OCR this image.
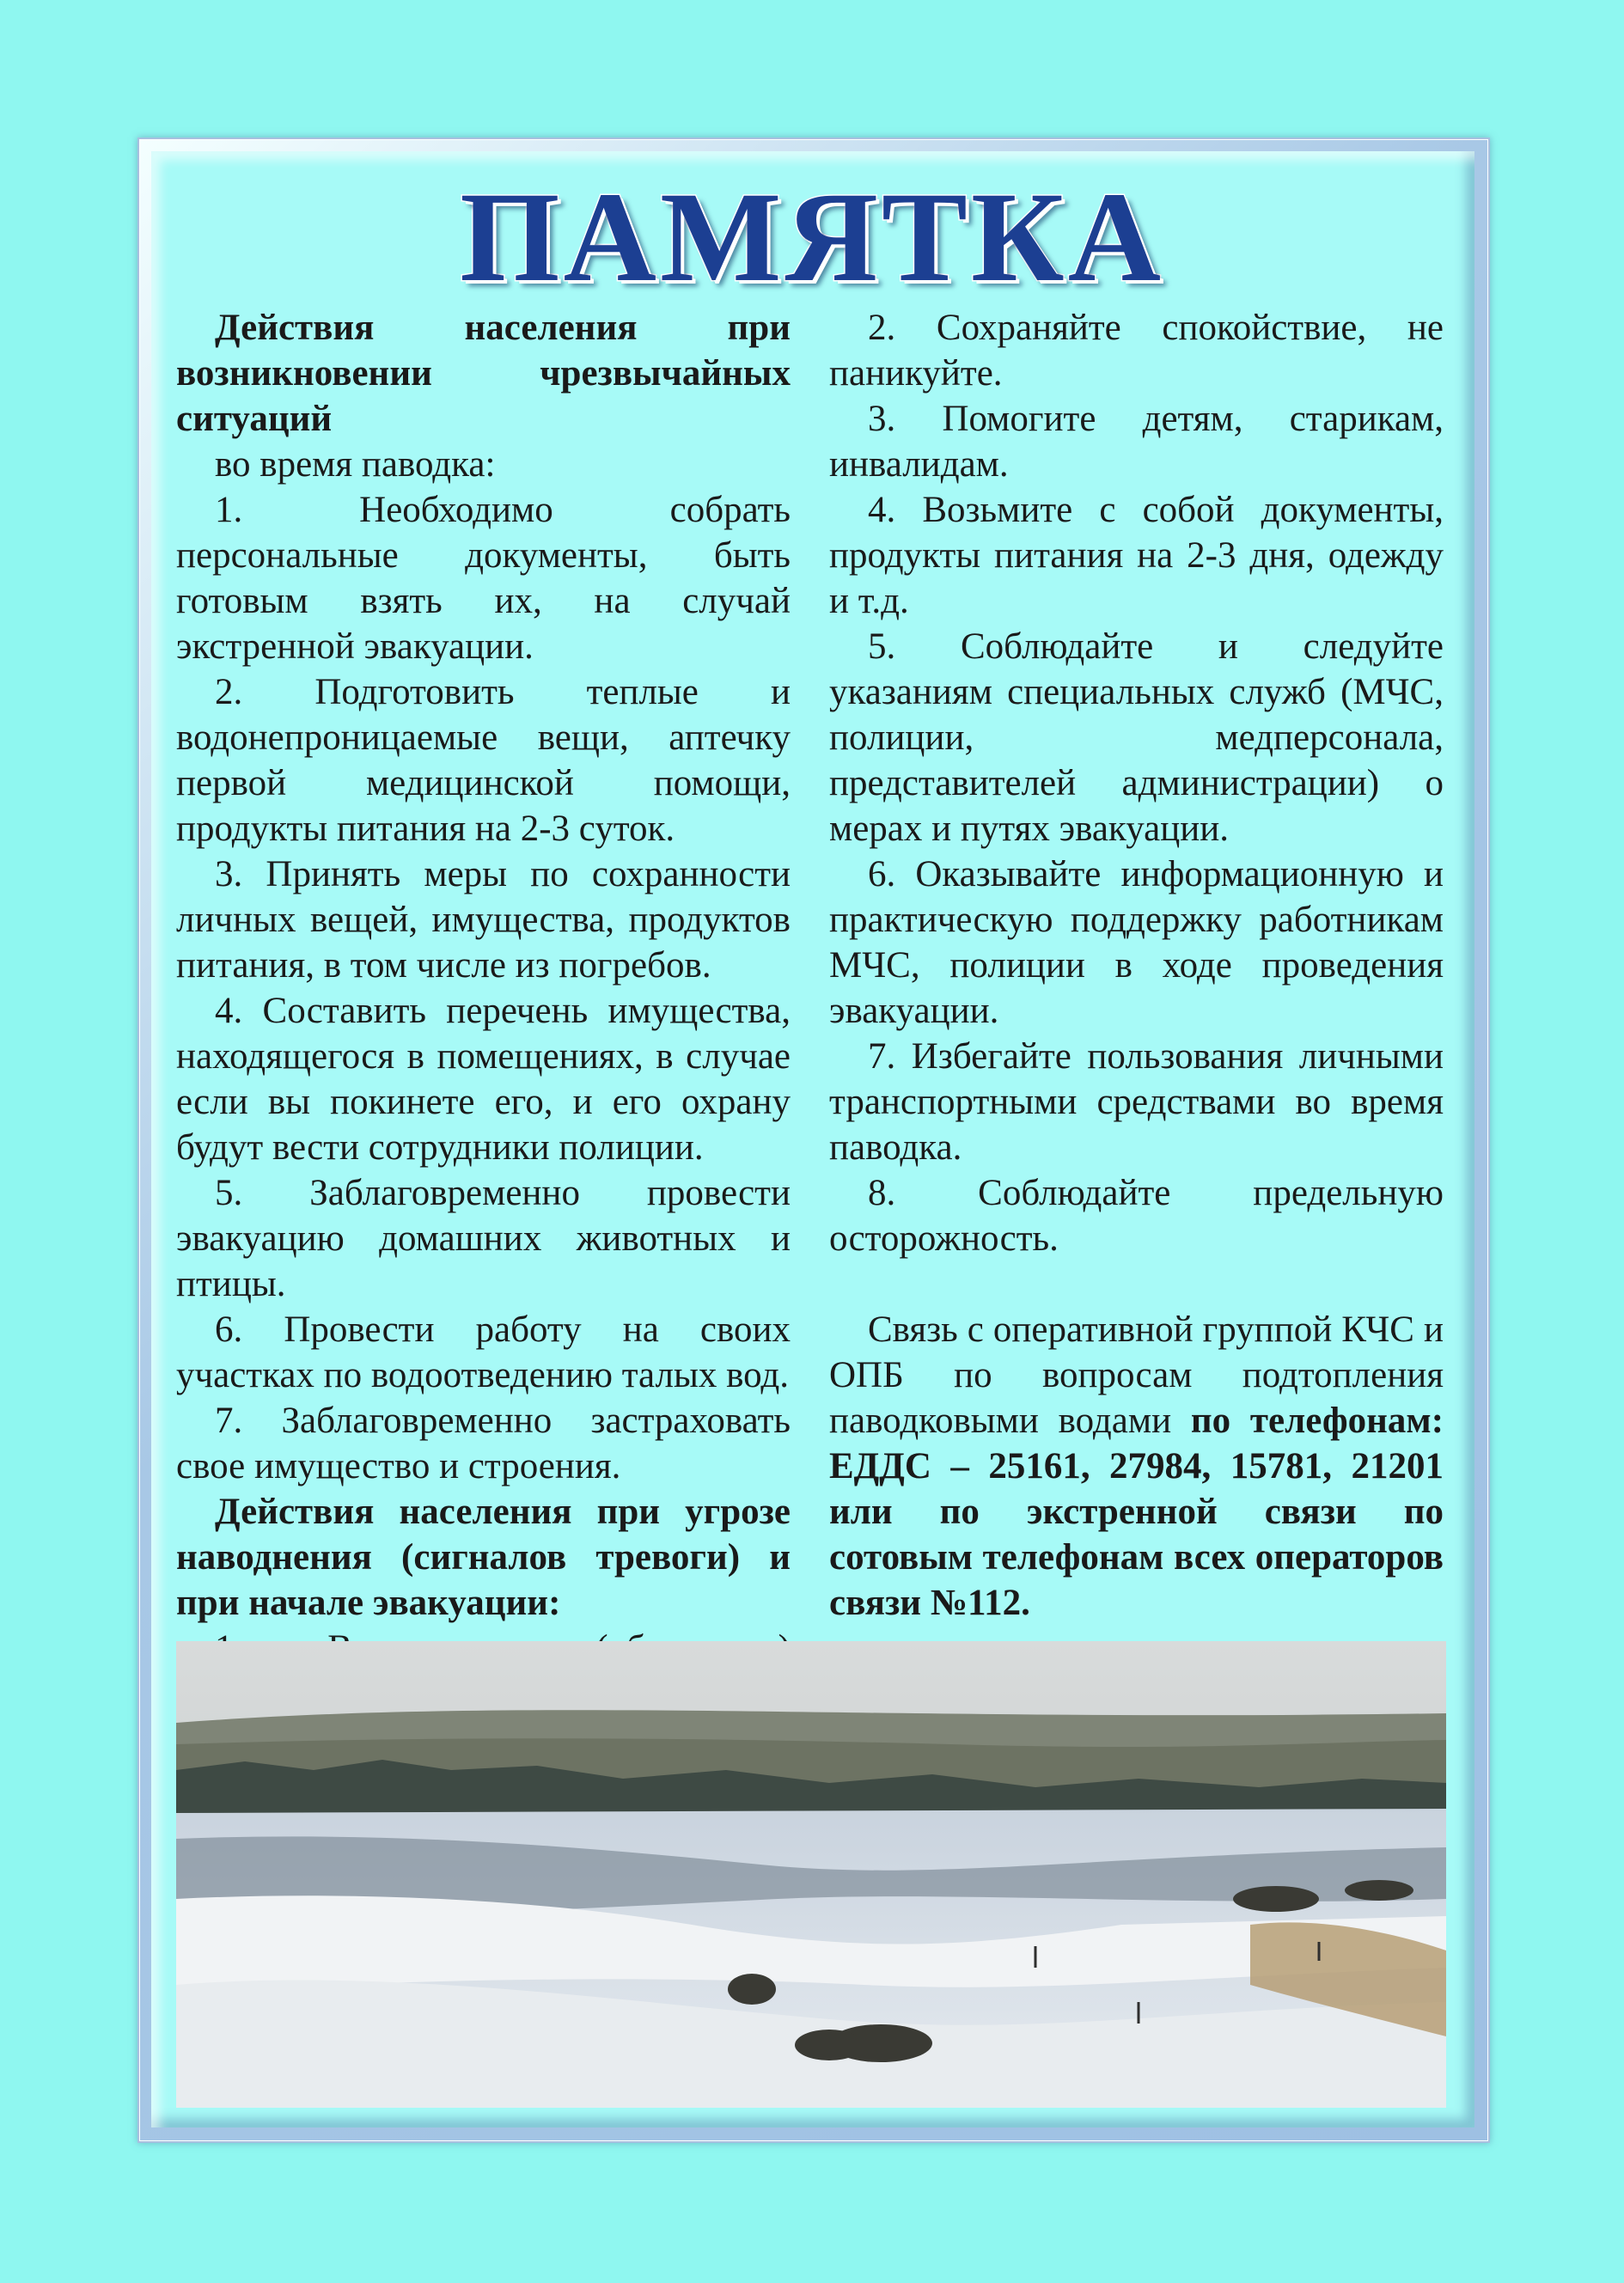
ПАМЯТКА

Действия населения при возникновении чрезвычайных ситуаций

во время паводка:

1. Необходимо собрать персональные документы, быть готовым взять их, на случай экстренной эвакуации.

2. Подготовить теплые и водонепроницаемые вещи, аптечку первой медицинской помощи, продукты питания на 2-3 суток.

3. Принять меры по сохранности личных вещей, имущества, продуктов питания, в том числе из погребов.

4. Составить перечень имущества, находящегося в помещениях, в случае если вы покинете его, и его охрану будут вести сотрудники полиции.

5. Заблаговременно провести эвакуацию домашних животных и птицы.

6. Провести работу на своих участках по водоотведению талых вод.

7. Заблаговременно застраховать свое имущество и строения.

Действия населения при угрозе наводнения (сигналов тревоги) и при начале эвакуации:

2. Сохраняйте спокойствие, не паникуйте.

3. Помогите детям, старикам, инвалидам.

4. Возьмите с собой документы, продукты питания на 2-3 дня, одежду и т.д.

5. Соблюдайте и следуйте указаниям специальных служб (МЧС, полиции, медперсонала, представителей администрации) о мерах и путях эвакуации.

6. Оказывайте информационную и практическую поддержку работникам МЧС, полиции в ходе проведения эвакуации.

7. Избегайте пользования личными транспортными средствами во время паводка.

8. Соблюдайте предельную осторожность.

Связь с оперативной группой КЧС и ОПБ по вопросам подтопления паводковыми водами по телефонам: ЕДДС – 25161, 27984, 15781, 21201 или по экстренной связи по сотовым телефонам всех операторов связи №112.
